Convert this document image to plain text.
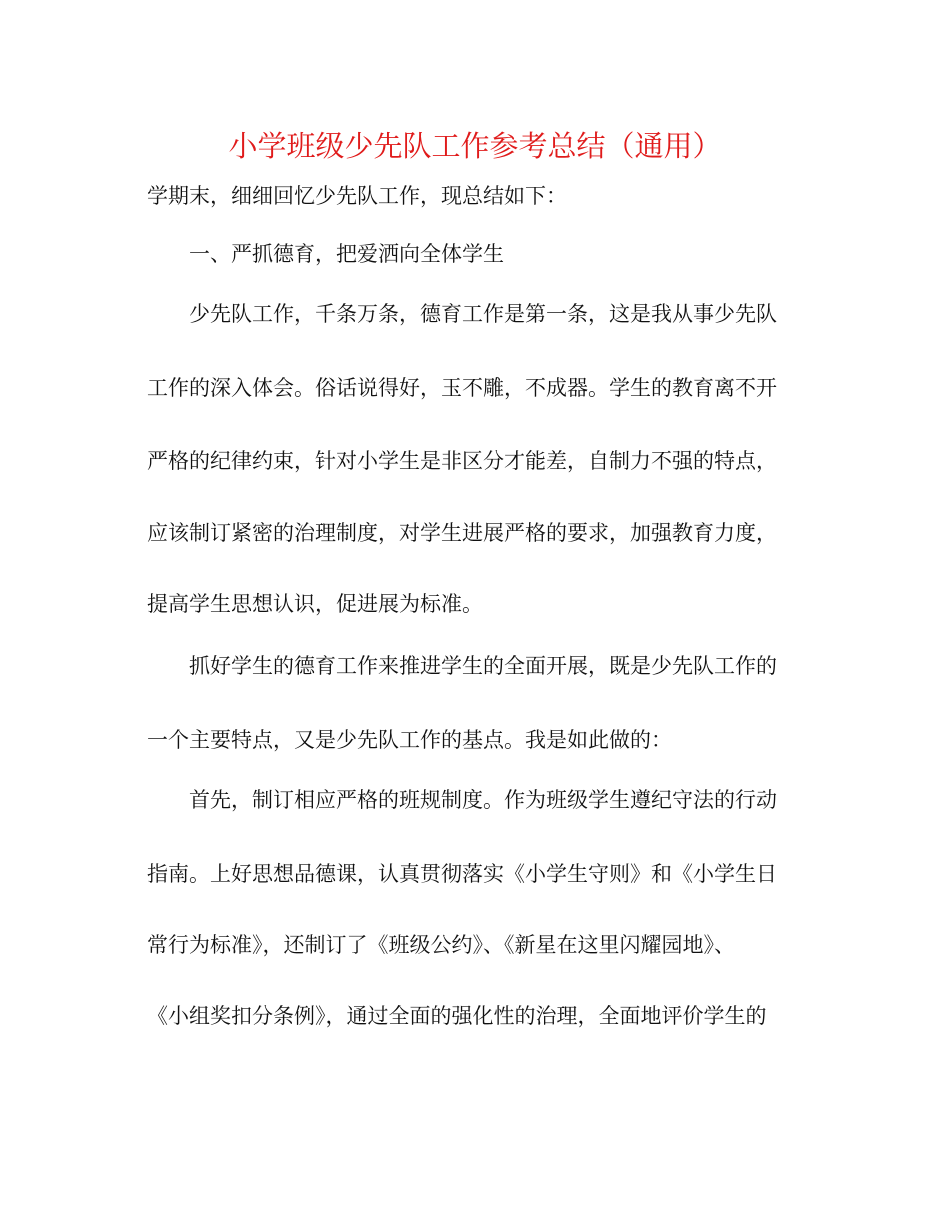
小学班级少先队工作参考总结（通用）
学期末，细细回忆少先队工作，现总结如下：
一、严抓德育，把爱洒向全体学生
少先队工作，千条万条，德育工作是第一条，这是我从事少先队
工作的深入体会。俗话说得好，玉不雕，不成器。学生的教育离不开
严格的纪律约束，针对小学生是非区分才能差，自制力不强的特点，
应该制订紧密的治理制度，对学生进展严格的要求，加强教育力度，
提高学生思想认识，促进展为标准。
抓好学生的德育工作来推进学生的全面开展，既是少先队工作的
一个主要特点，又是少先队工作的基点。我是如此做的：
首先，制订相应严格的班规制度。作为班级学生遵纪守法的行动
指南。上好思想品德课，认真贯彻落实《小学生守则》和《小学生日
常行为标准》，还制订了《班级公约》、《新星在这里闪耀园地》、
《小组奖扣分条例》，通过全面的强化性的治理，全面地评价学生的
